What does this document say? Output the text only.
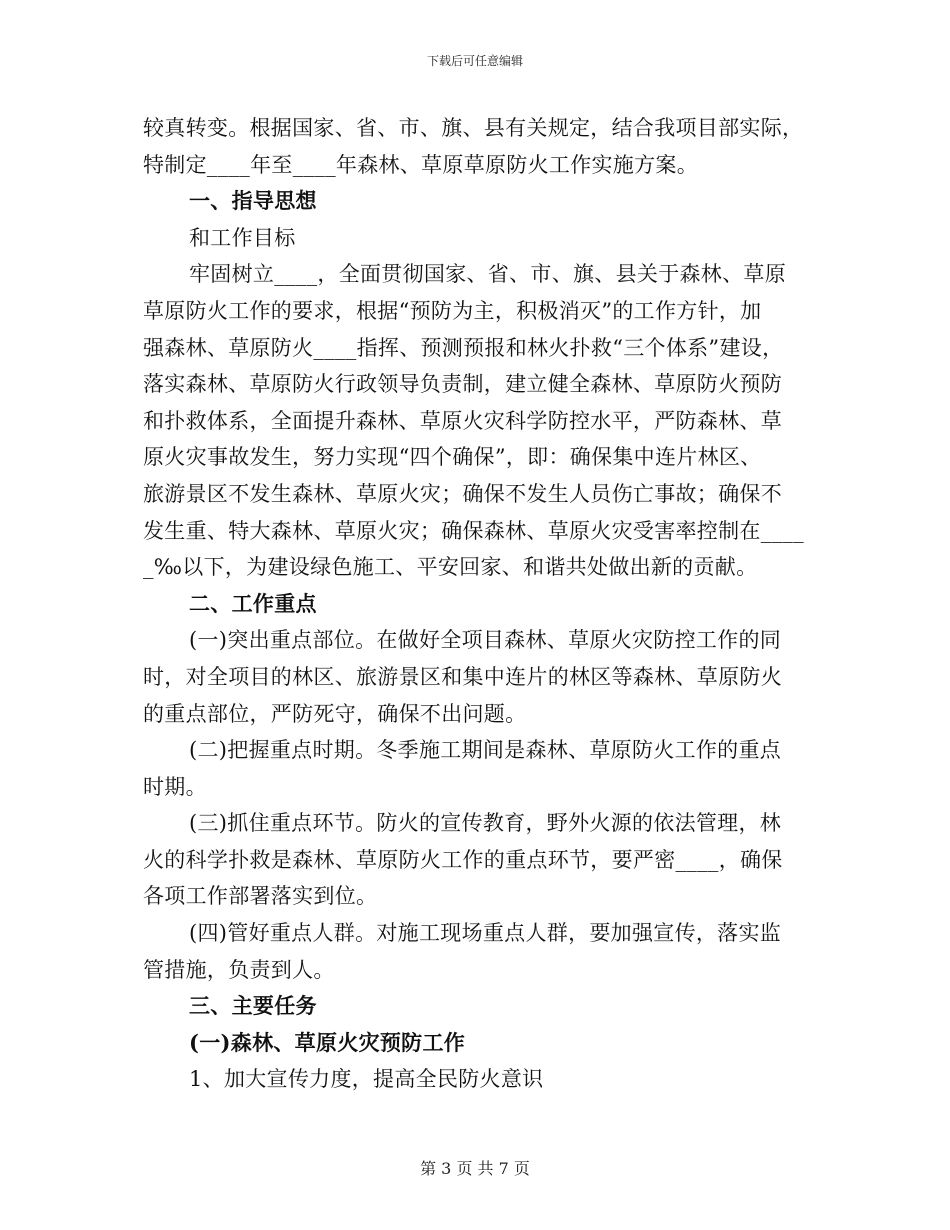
下载后可任意编辑
较真转变。根据国家、省、市、旗、县有关规定，结合我项目部实际，
特制定____年至____年森林、草原草原防火工作实施方案。
一、指导思想
和工作目标
牢固树立____，全面贯彻国家、省、市、旗、县关于森林、草原
草原防火工作的要求，根据“预防为主，积极消灭”的工作方针，加
强森林、草原防火____指挥、预测预报和林火扑救“三个体系”建设，
落实森林、草原防火行政领导负责制，建立健全森林、草原防火预防
和扑救体系，全面提升森林、草原火灾科学防控水平，严防森林、草
原火灾事故发生，努力实现“四个确保”，即：确保集中连片林区、
旅游景区不发生森林、草原火灾；确保不发生人员伤亡事故；确保不
发生重、特大森林、草原火灾；确保森林、草原火灾受害率控制在____
_‰以下，为建设绿色施工、平安回家、和谐共处做出新的贡献。
二、工作重点
(一)突出重点部位。在做好全项目森林、草原火灾防控工作的同
时，对全项目的林区、旅游景区和集中连片的林区等森林、草原防火
的重点部位，严防死守，确保不出问题。
(二)把握重点时期。冬季施工期间是森林、草原防火工作的重点
时期。
(三)抓住重点环节。防火的宣传教育，野外火源的依法管理，林
火的科学扑救是森林、草原防火工作的重点环节，要严密____，确保
各项工作部署落实到位。
(四)管好重点人群。对施工现场重点人群，要加强宣传，落实监
管措施，负责到人。
三、主要任务
(一)森林、草原火灾预防工作
1、加大宣传力度，提高全民防火意识
第 3 页 共 7 页
